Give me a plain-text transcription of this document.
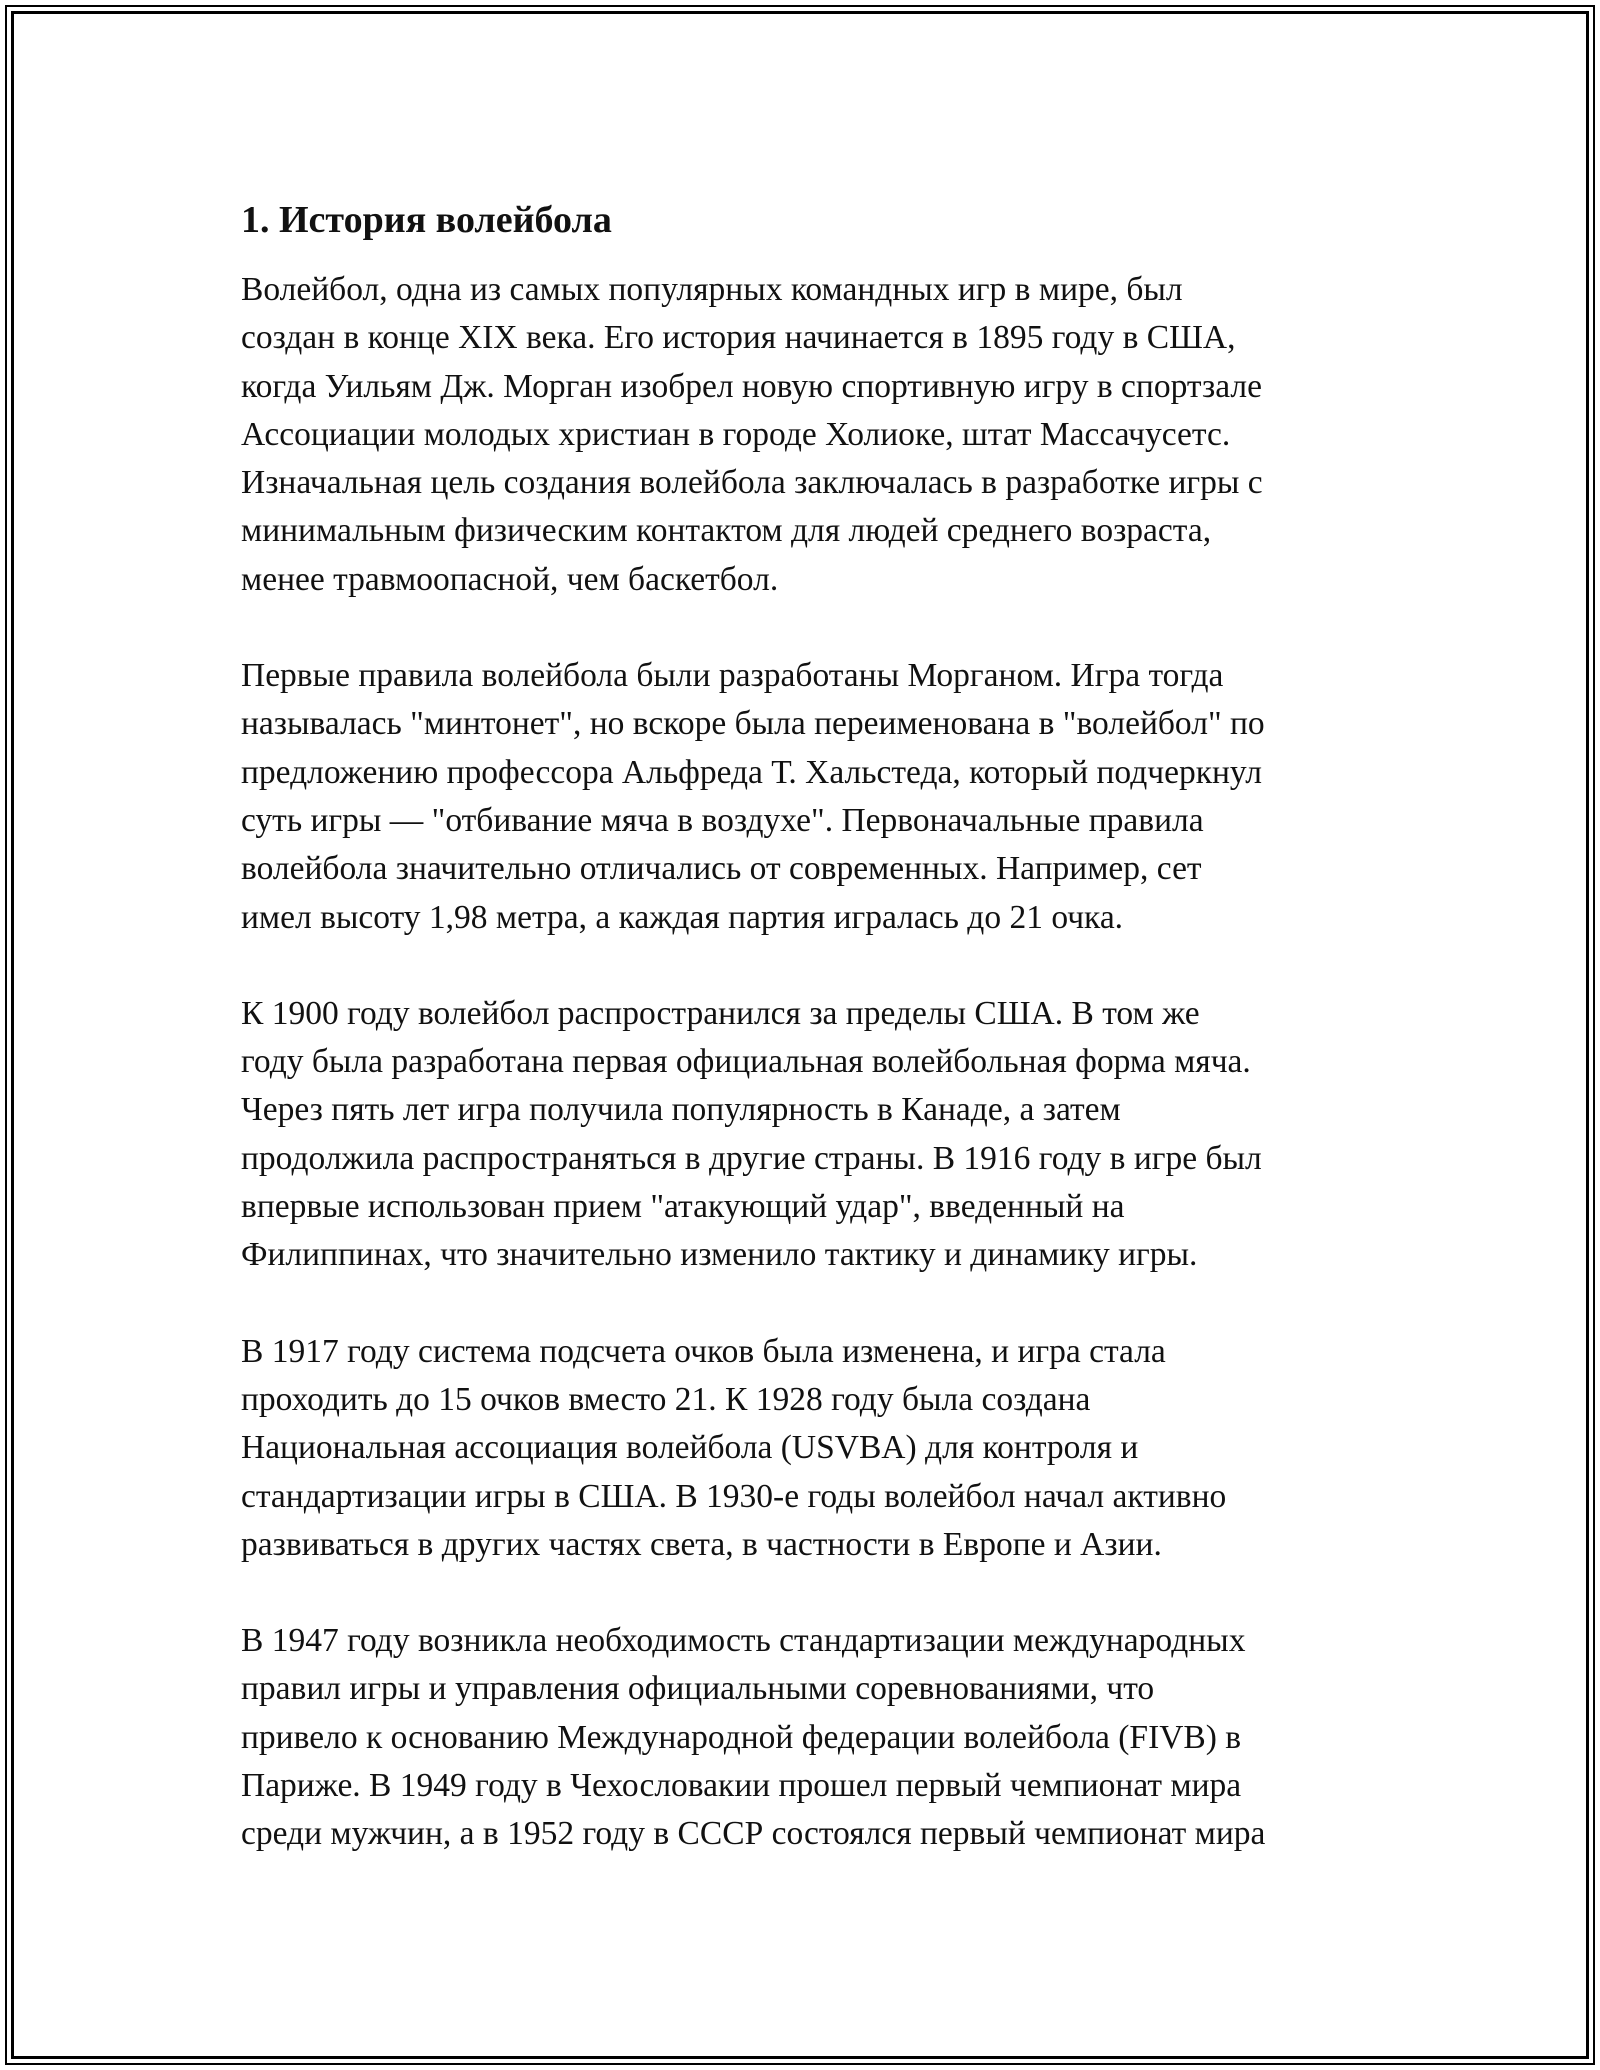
1. История волейбола

Волейбол, одна из самых популярных командных игр в мире, был
создан в конце XIX века. Его история начинается в 1895 году в США,
когда Уильям Дж. Морган изобрел новую спортивную игру в спортзале
Ассоциации молодых христиан в городе Холиоке, штат Массачусетс.
Изначальная цель создания волейбола заключалась в разработке игры с
минимальным физическим контактом для людей среднего возраста,
менее травмоопасной, чем баскетбол.

Первые правила волейбола были разработаны Морганом. Игра тогда
называлась "минтонет", но вскоре была переименована в "волейбол" по
предложению профессора Альфреда Т. Хальстеда, который подчеркнул
суть игры — "отбивание мяча в воздухе". Первоначальные правила
волейбола значительно отличались от современных. Например, сет
имел высоту 1,98 метра, а каждая партия игралась до 21 очка.

К 1900 году волейбол распространился за пределы США. В том же
году была разработана первая официальная волейбольная форма мяча.
Через пять лет игра получила популярность в Канаде, а затем
продолжила распространяться в другие страны. В 1916 году в игре был
впервые использован прием "атакующий удар", введенный на
Филиппинах, что значительно изменило тактику и динамику игры.

В 1917 году система подсчета очков была изменена, и игра стала
проходить до 15 очков вместо 21. К 1928 году была создана
Национальная ассоциация волейбола (USVBA) для контроля и
стандартизации игры в США. В 1930-е годы волейбол начал активно
развиваться в других частях света, в частности в Европе и Азии.

В 1947 году возникла необходимость стандартизации международных
правил игры и управления официальными соревнованиями, что
привело к основанию Международной федерации волейбола (FIVB) в
Париже. В 1949 году в Чехословакии прошел первый чемпионат мира
среди мужчин, а в 1952 году в СССР состоялся первый чемпионат мира
